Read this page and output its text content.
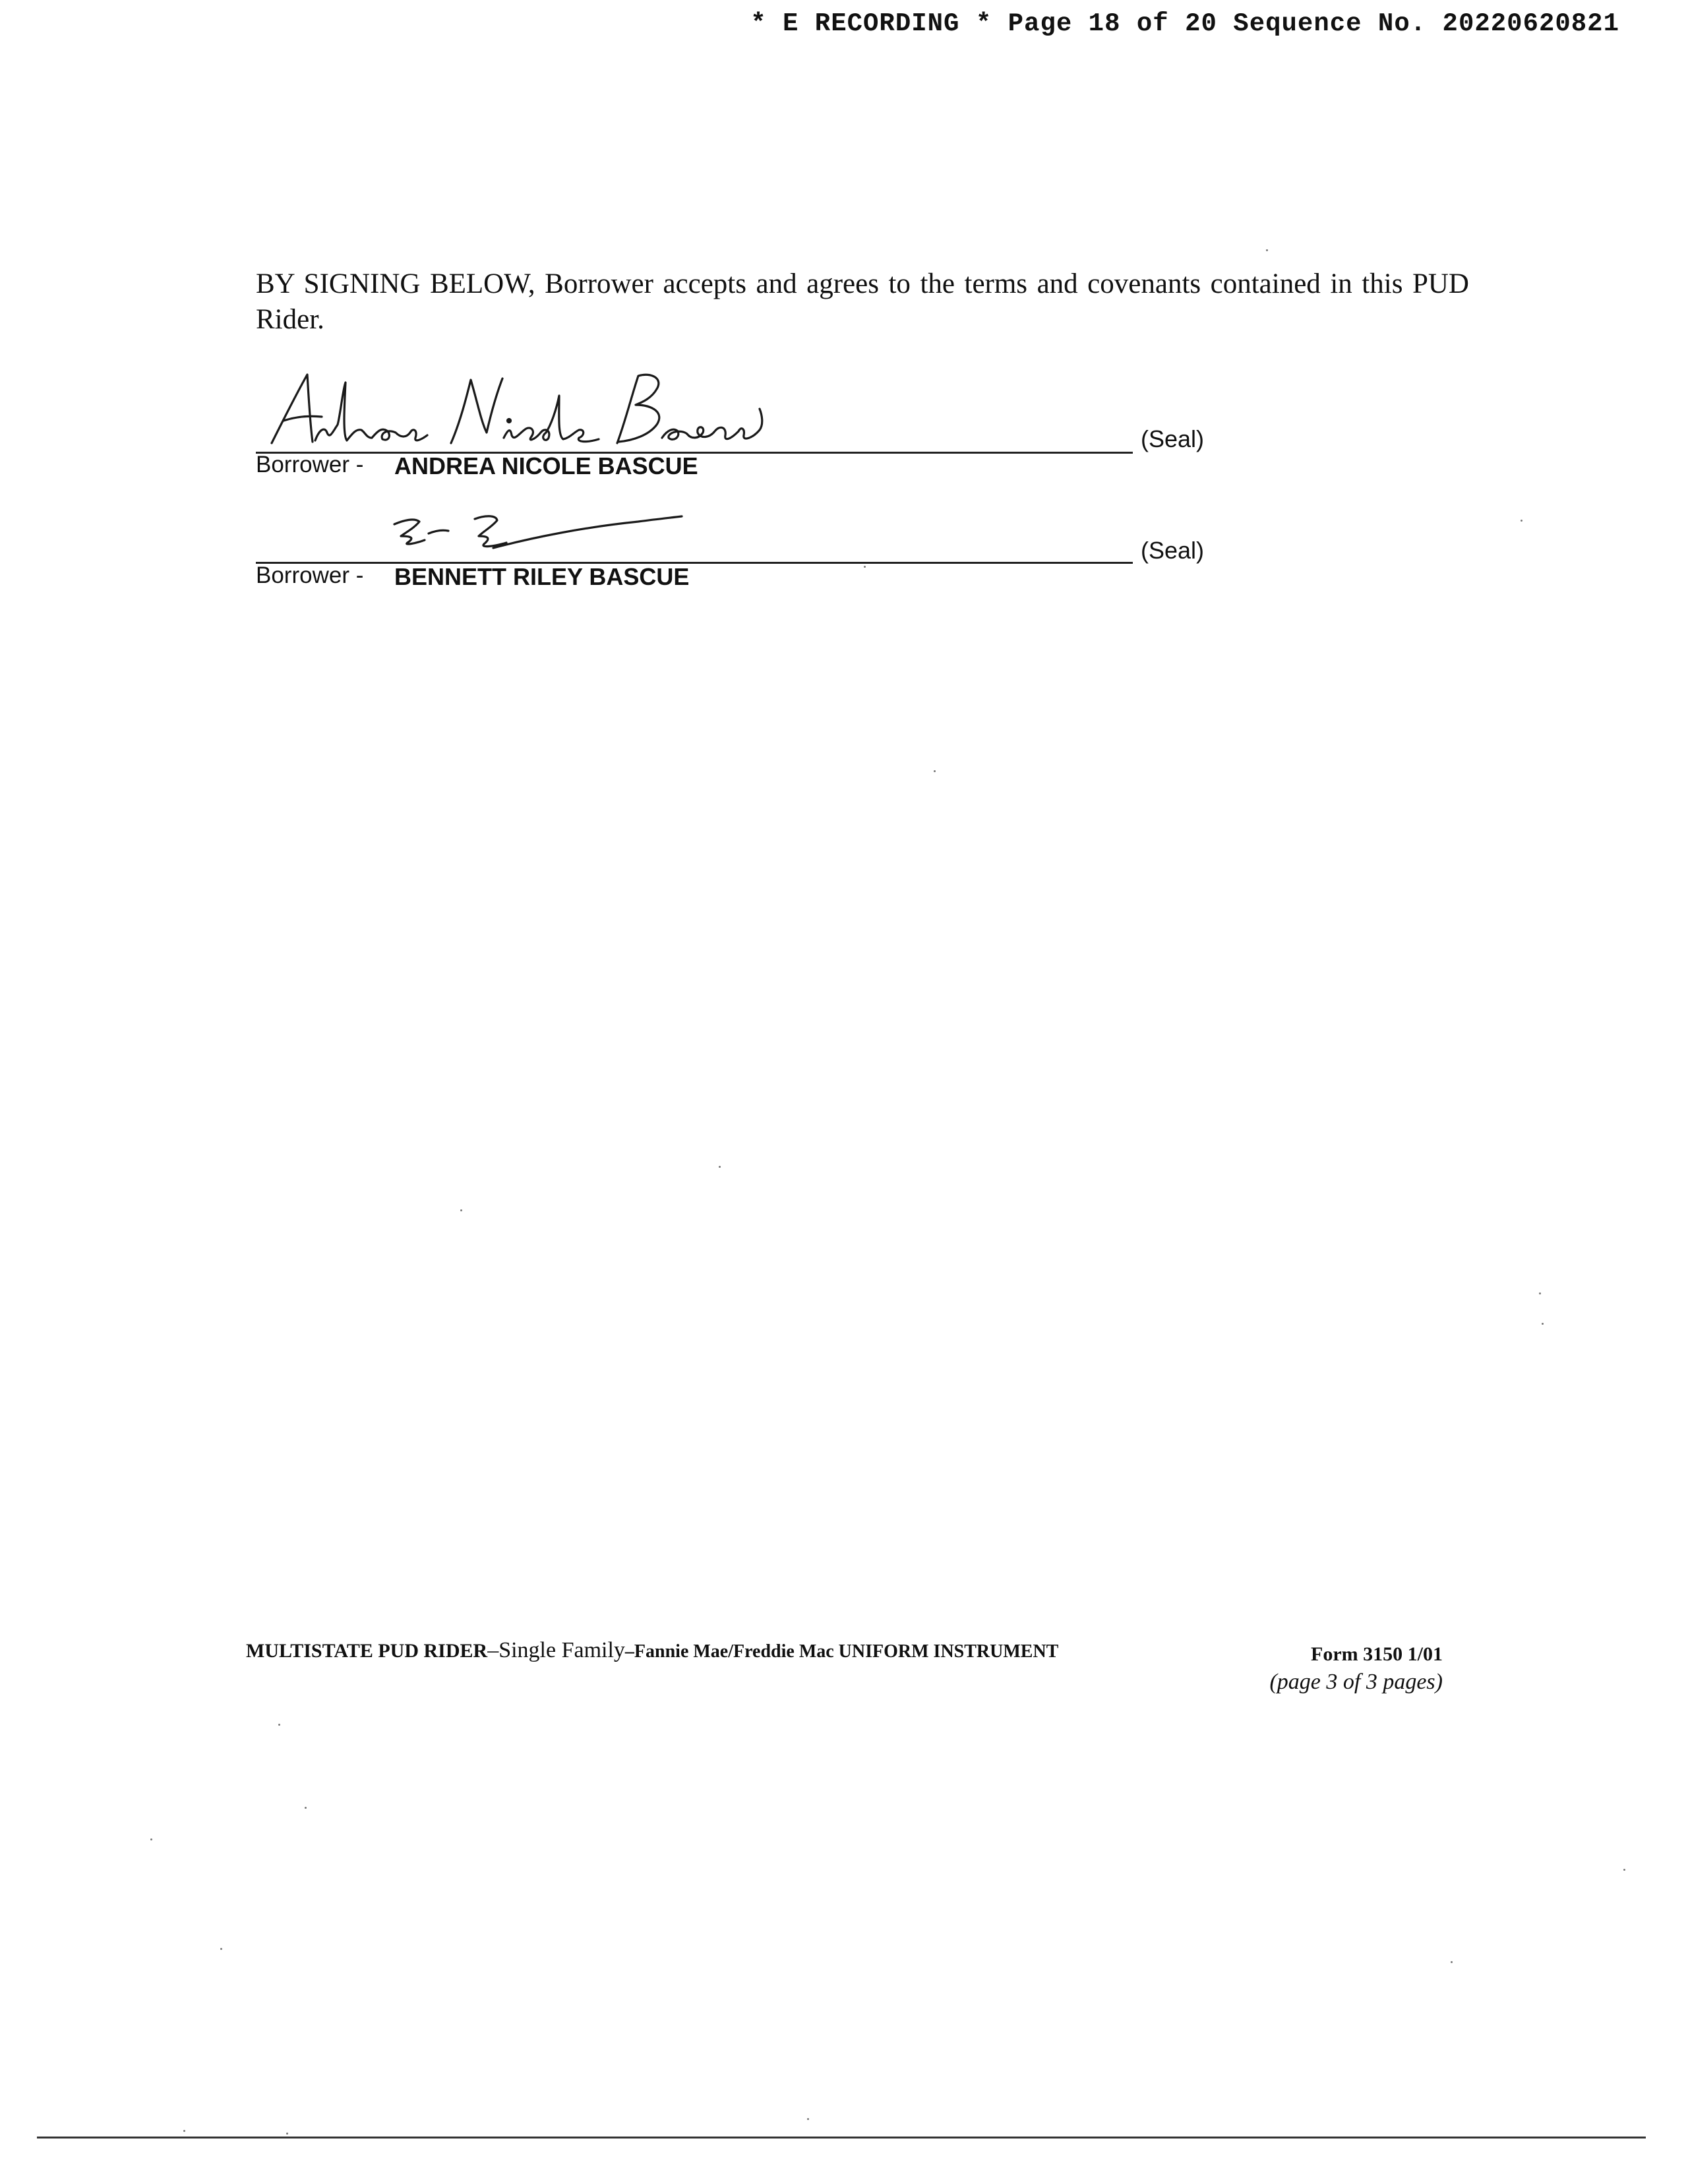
* E RECORDING * Page 18 of 20 Sequence No. 20220620821
BY SIGNING BELOW, Borrower accepts and agrees to the terms and covenants contained in this PUD
Rider.
(Seal)
Borrower - ANDREA NICOLE BASCUE
(Seal)
Borrower - BENNETT RILEY BASCUE
MULTISTATE PUD RIDER–Single Family–Fannie Mae/Freddie Mac UNIFORM INSTRUMENT	Form 3150 1/01
(page 3 of 3 pages)
